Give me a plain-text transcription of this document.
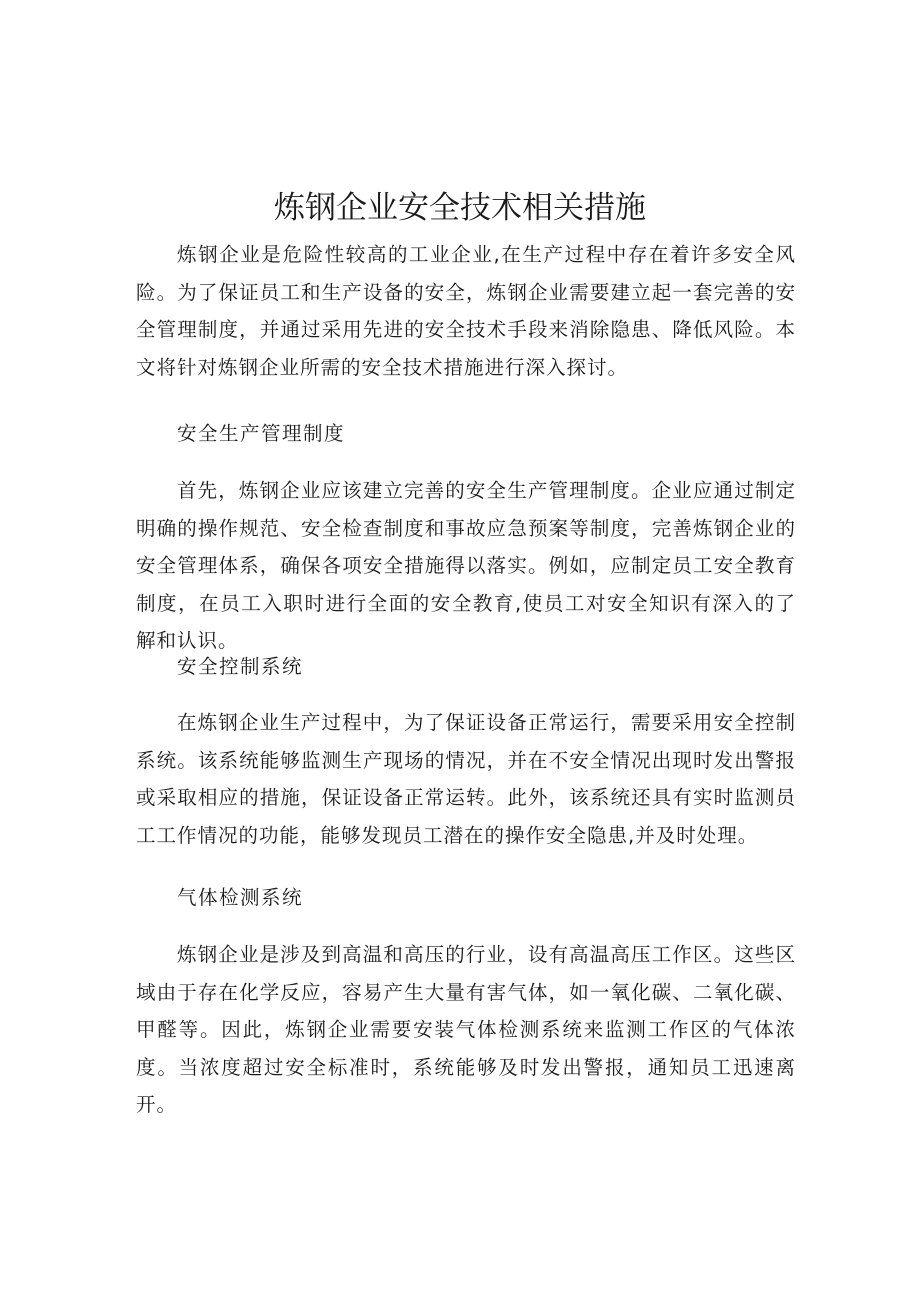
炼钢企业安全技术相关措施

炼钢企业是危险性较高的工业企业,在生产过程中存在着许多安全风险。为了保证员工和生产设备的安全，炼钢企业需要建立起一套完善的安全管理制度，并通过采用先进的安全技术手段来消除隐患、降低风险。本文将针对炼钢企业所需的安全技术措施进行深入探讨。

安全生产管理制度

首先，炼钢企业应该建立完善的安全生产管理制度。企业应通过制定明确的操作规范、安全检查制度和事故应急预案等制度，完善炼钢企业的安全管理体系，确保各项安全措施得以落实。例如，应制定员工安全教育制度，在员工入职时进行全面的安全教育,使员工对安全知识有深入的了解和认识。

安全控制系统

在炼钢企业生产过程中，为了保证设备正常运行，需要采用安全控制系统。该系统能够监测生产现场的情况，并在不安全情况出现时发出警报或采取相应的措施，保证设备正常运转。此外，该系统还具有实时监测员工工作情况的功能，能够发现员工潜在的操作安全隐患,并及时处理。

气体检测系统

炼钢企业是涉及到高温和高压的行业，设有高温高压工作区。这些区域由于存在化学反应，容易产生大量有害气体，如一氧化碳、二氧化碳、甲醛等。因此，炼钢企业需要安装气体检测系统来监测工作区的气体浓度。当浓度超过安全标准时，系统能够及时发出警报，通知员工迅速离开。
